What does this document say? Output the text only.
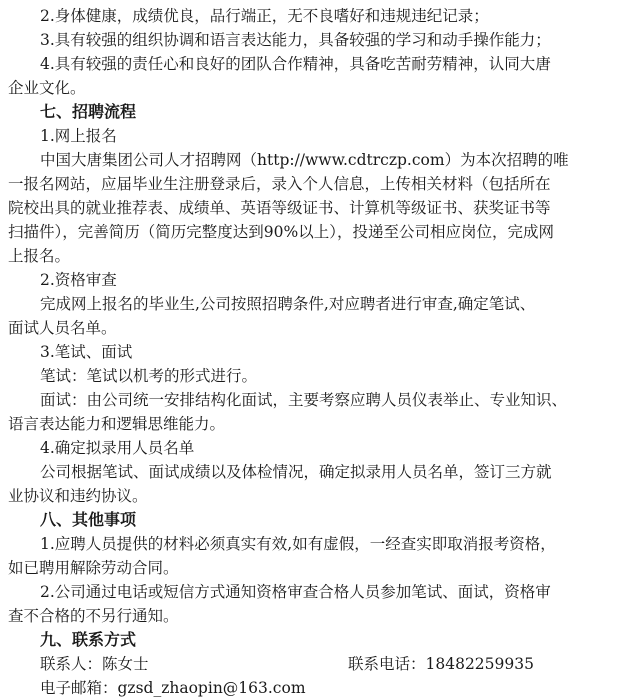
2.身体健康，成绩优良，品行端正，无不良嗜好和违规违纪记录；
3.具有较强的组织协调和语言表达能力，具备较强的学习和动手操作能力；
4.具有较强的责任心和良好的团队合作精神，具备吃苦耐劳精神，认同大唐
企业文化。
七、招聘流程
1.网上报名
中国大唐集团公司人才招聘网（http://www.cdtrczp.com）为本次招聘的唯
一报名网站，应届毕业生注册登录后，录入个人信息，上传相关材料（包括所在
院校出具的就业推荐表、成绩单、英语等级证书、计算机等级证书、获奖证书等
扫描件），完善简历（简历完整度达到90%以上），投递至公司相应岗位，完成网
上报名。
2.资格审查
完成网上报名的毕业生,公司按照招聘条件,对应聘者进行审查,确定笔试、
面试人员名单。
3.笔试、面试
笔试：笔试以机考的形式进行。
面试：由公司统一安排结构化面试，主要考察应聘人员仪表举止、专业知识、
语言表达能力和逻辑思维能力。
4.确定拟录用人员名单
公司根据笔试、面试成绩以及体检情况，确定拟录用人员名单，签订三方就
业协议和违约协议。
八、其他事项
1.应聘人员提供的材料必须真实有效,如有虚假，一经查实即取消报考资格，
如已聘用解除劳动合同。
2.公司通过电话或短信方式通知资格审查合格人员参加笔试、面试，资格审
查不合格的不另行通知。
九、联系方式
联系人：陈女士	联系电话：18482259935
电子邮箱：gzsd_zhaopin@163.com
